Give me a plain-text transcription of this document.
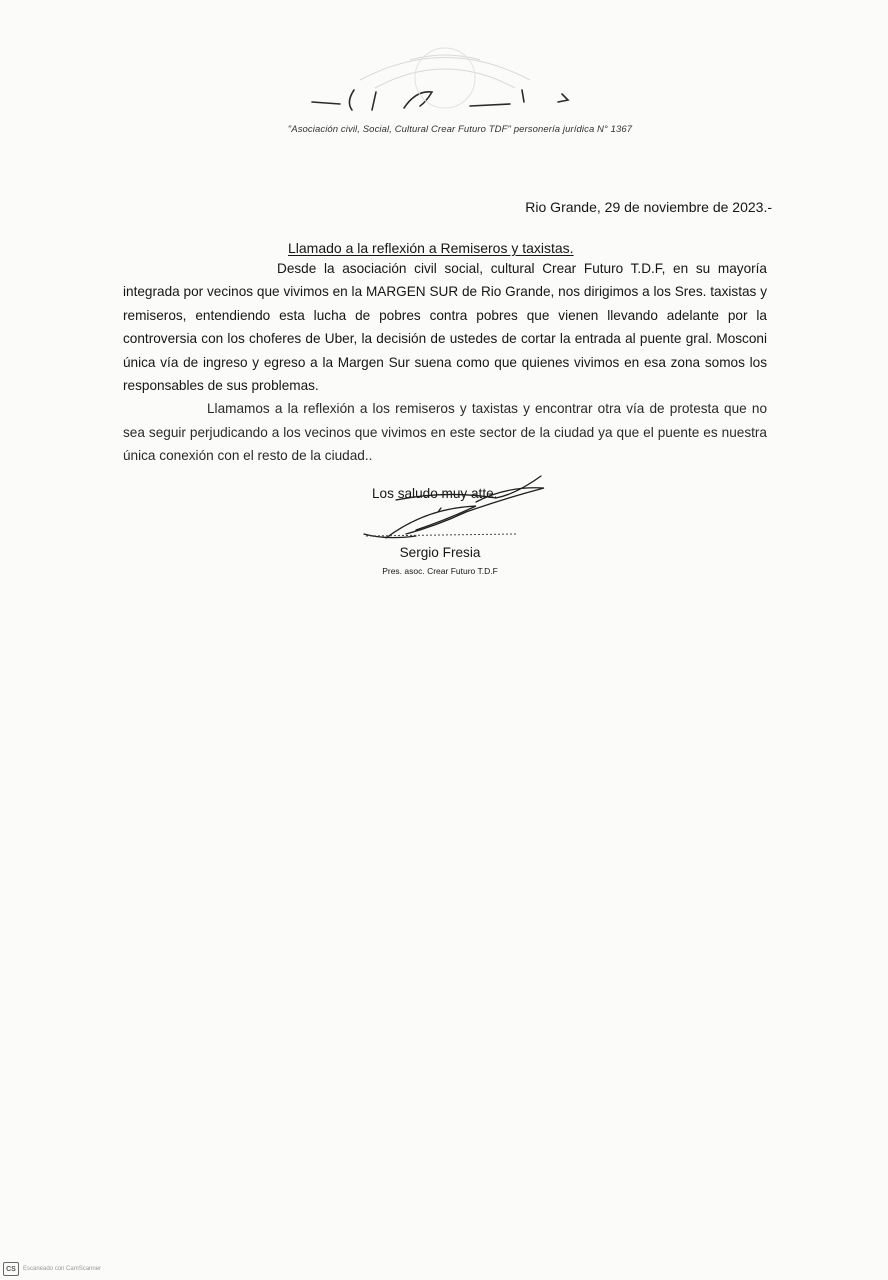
"Asociación civil, Social, Cultural Crear Futuro TDF" personería jurídica N° 1367
Rio Grande, 29 de noviembre de 2023.-
Llamado a la reflexión a Remiseros y taxistas.

Desde la asociación civil social, cultural Crear Futuro T.D.F, en su mayoría integrada por vecinos que vivimos en la MARGEN SUR de Rio Grande, nos dirigimos a los Sres. taxistas y remiseros, entendiendo esta lucha de pobres contra pobres que vienen llevando adelante por la controversia con los choferes de Uber, la decisión de ustedes de cortar la entrada al puente gral. Mosconi única vía de ingreso y egreso a la Margen Sur suena como que quienes vivimos en esa zona somos los responsables de sus problemas.

Llamamos a la reflexión a los remiseros y taxistas y encontrar otra vía de protesta que no sea seguir perjudicando a los vecinos que vivimos en este sector de la ciudad ya que el puente es nuestra única conexión con el resto de la ciudad..

Los saludo muy atte.
Sergio Fresia
Pres. asoc. Crear Futuro T.D.F
CS	Escaneado con CamScanner
